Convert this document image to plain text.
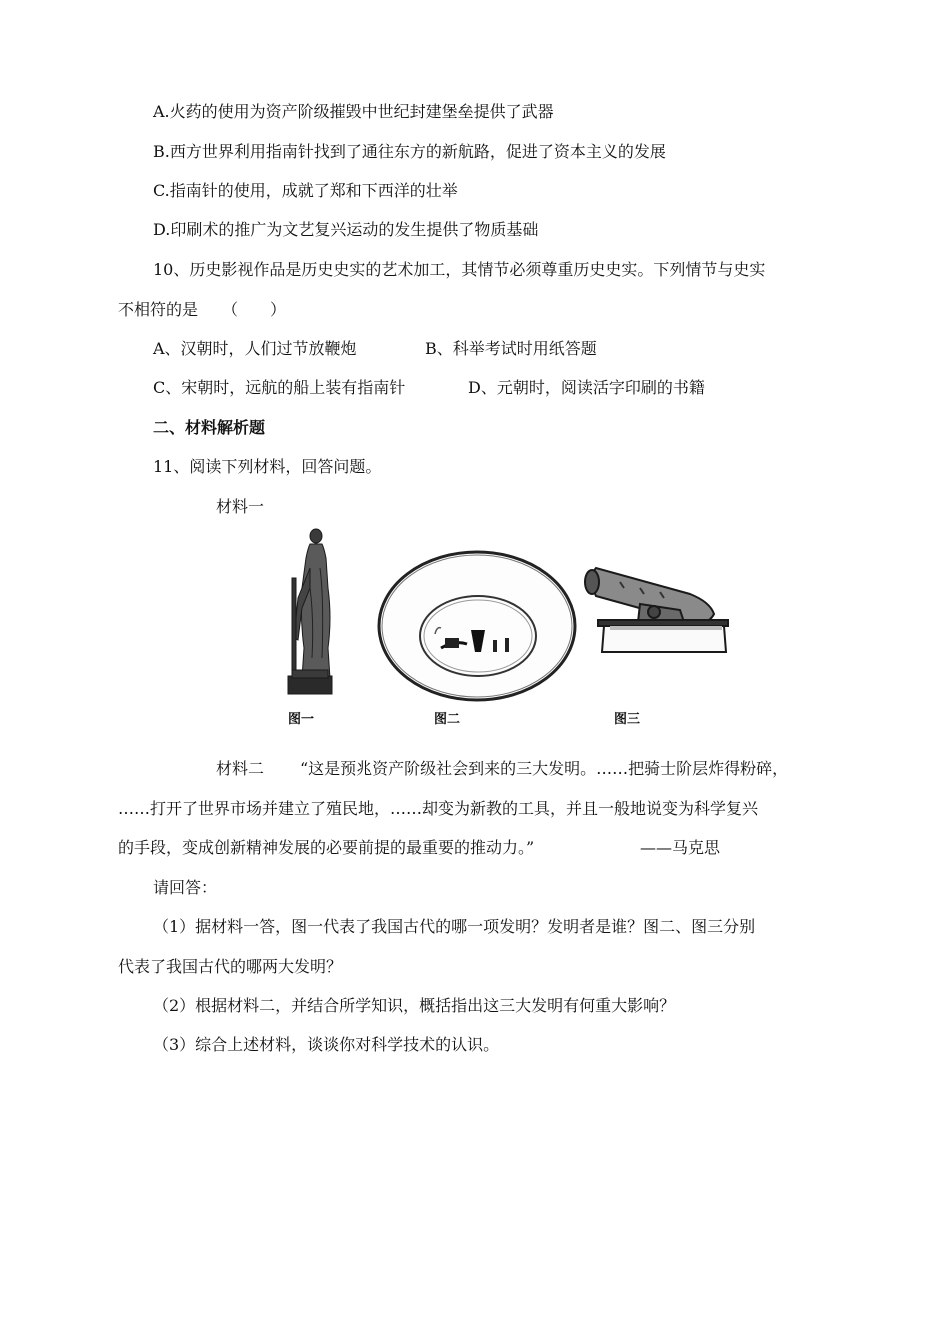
A.火药的使用为资产阶级摧毁中世纪封建堡垒提供了武器
B.西方世界利用指南针找到了通往东方的新航路，促进了资本主义的发展
C.指南针的使用，成就了郑和下西洋的壮举
D.印刷术的推广为文艺复兴运动的发生提供了物质基础
10、历史影视作品是历史史实的艺术加工，其情节必须尊重历史史实。下列情节与史实
不相符的是　　（　　）
A、汉朝时，人们过节放鞭炮	B、科举考试时用纸答题
C、宋朝时，远航的船上装有指南针	D、元朝时，阅读活字印刷的书籍
二、材料解析题
11、阅读下列材料，回答问题。
材料一
图一	图二	图三
材料二 “这是预兆资产阶级社会到来的三大发明。……把骑士阶层炸得粉碎，
……打开了世界市场并建立了殖民地，……却变为新教的工具，并且一般地说变为科学复兴
的手段，变成创新精神发展的必要前提的最重要的推动力。”	——马克思
请回答：
（1）据材料一答，图一代表了我国古代的哪一项发明？发明者是谁？图二、图三分别
代表了我国古代的哪两大发明？
（2）根据材料二，并结合所学知识，概括指出这三大发明有何重大影响？
（3）综合上述材料，谈谈你对科学技术的认识。
